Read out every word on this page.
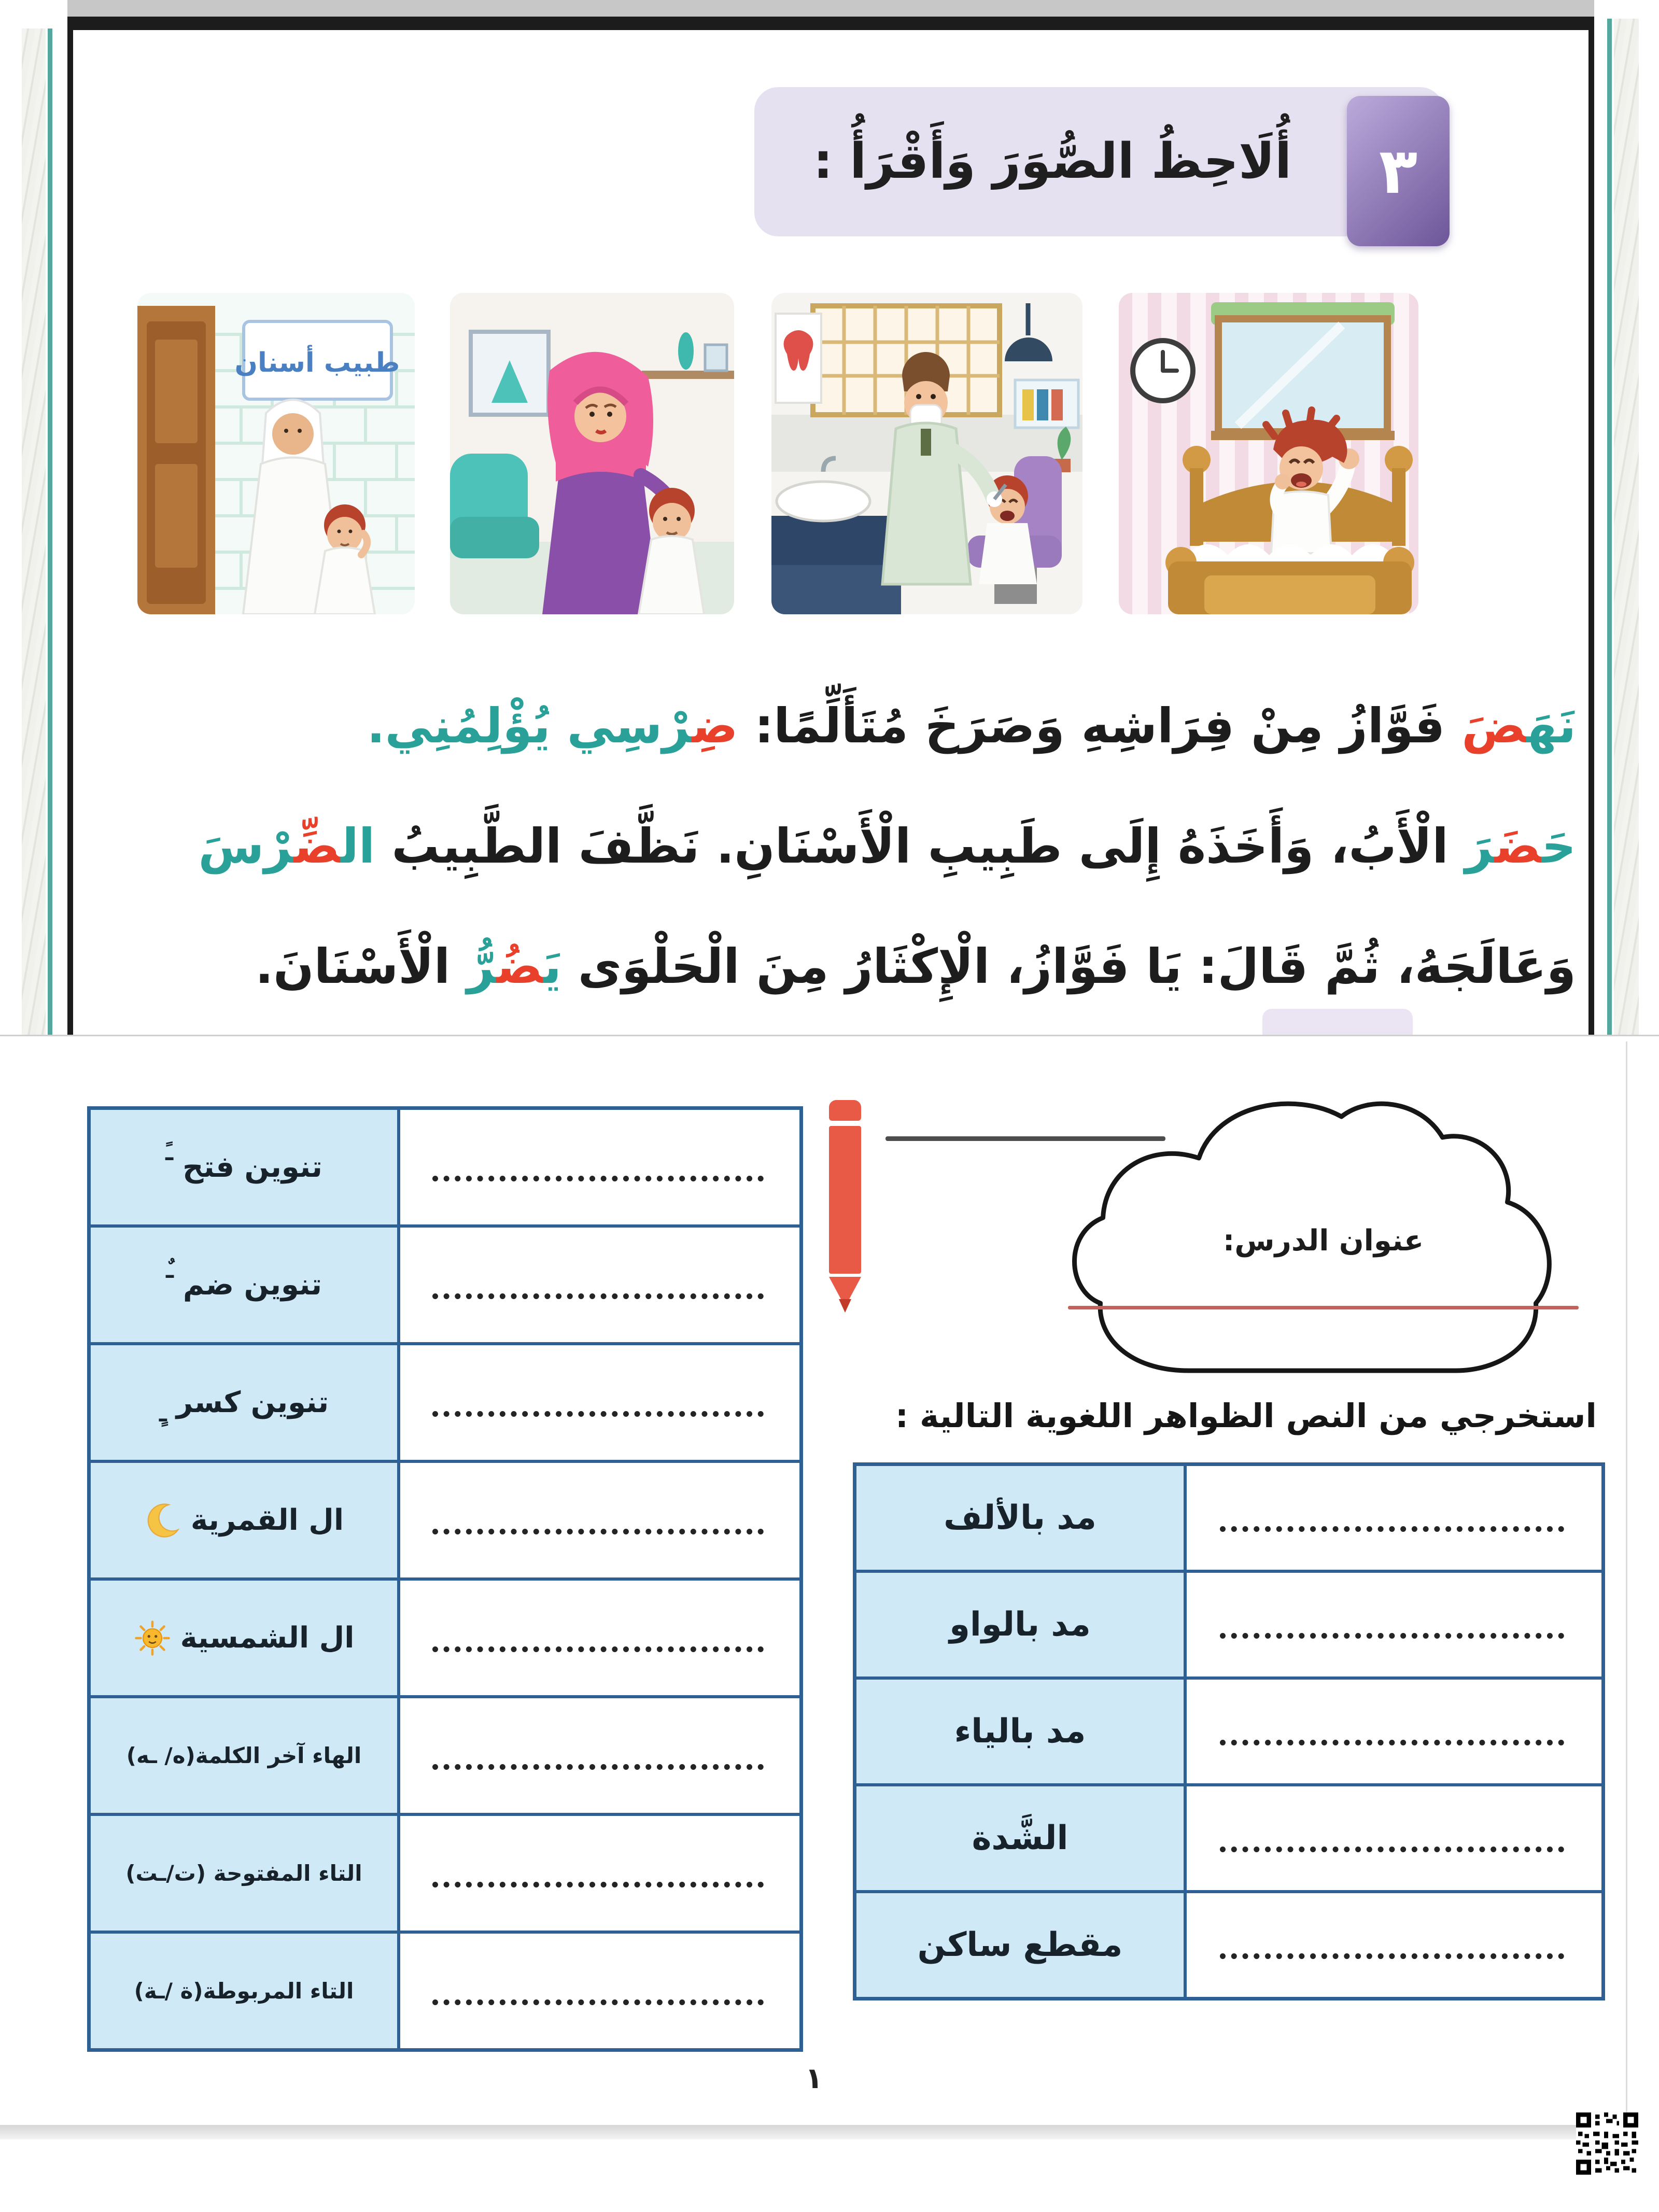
أُلَاحِظُ الصُّوَرَ وَأَقْرَأُ :	٣
طبيب أسنان
نَهَ‍‍ضَ فَوَّازُ مِنْ فِرَاشِهِ وَصَرَخَ مُتَأَلِّمًا: ضِ‍‍رْسِي يُؤْلِمُنِي.
حَ‍‍ضَ‍‍رَ الْأَبُ، وَأَخَذَهُ إِلَى طَبِيبِ الْأَسْنَانِ. نَظَّفَ الطَّبِيبُ ال‍‍ضِّ‍‍رْسَ
وَعَالَجَهُ، ثُمَّ قَالَ: يَا فَوَّازُ، الْإِكْثَارُ مِنَ الْحَلْوَى يَ‍‍ضُ‍‍رُّ الْأَسْنَانَ.
عنوان الدرس:
استخرجي من النص الظواهر اللغوية التالية :
مد بالألف
مد بالواو
مد بالياء
الشَّدة
مقطع ساكن
تنوين فتح
ـً
تنوين ضم
ـٌ
تنوين كسر
ـٍ
ال القمرية
ال الشمسية
الهاء آخر الكلمة(ه/ ـه)
التاء المفتوحة (ت/ـت)
التاء المربوطة(ة /ـة)
١
